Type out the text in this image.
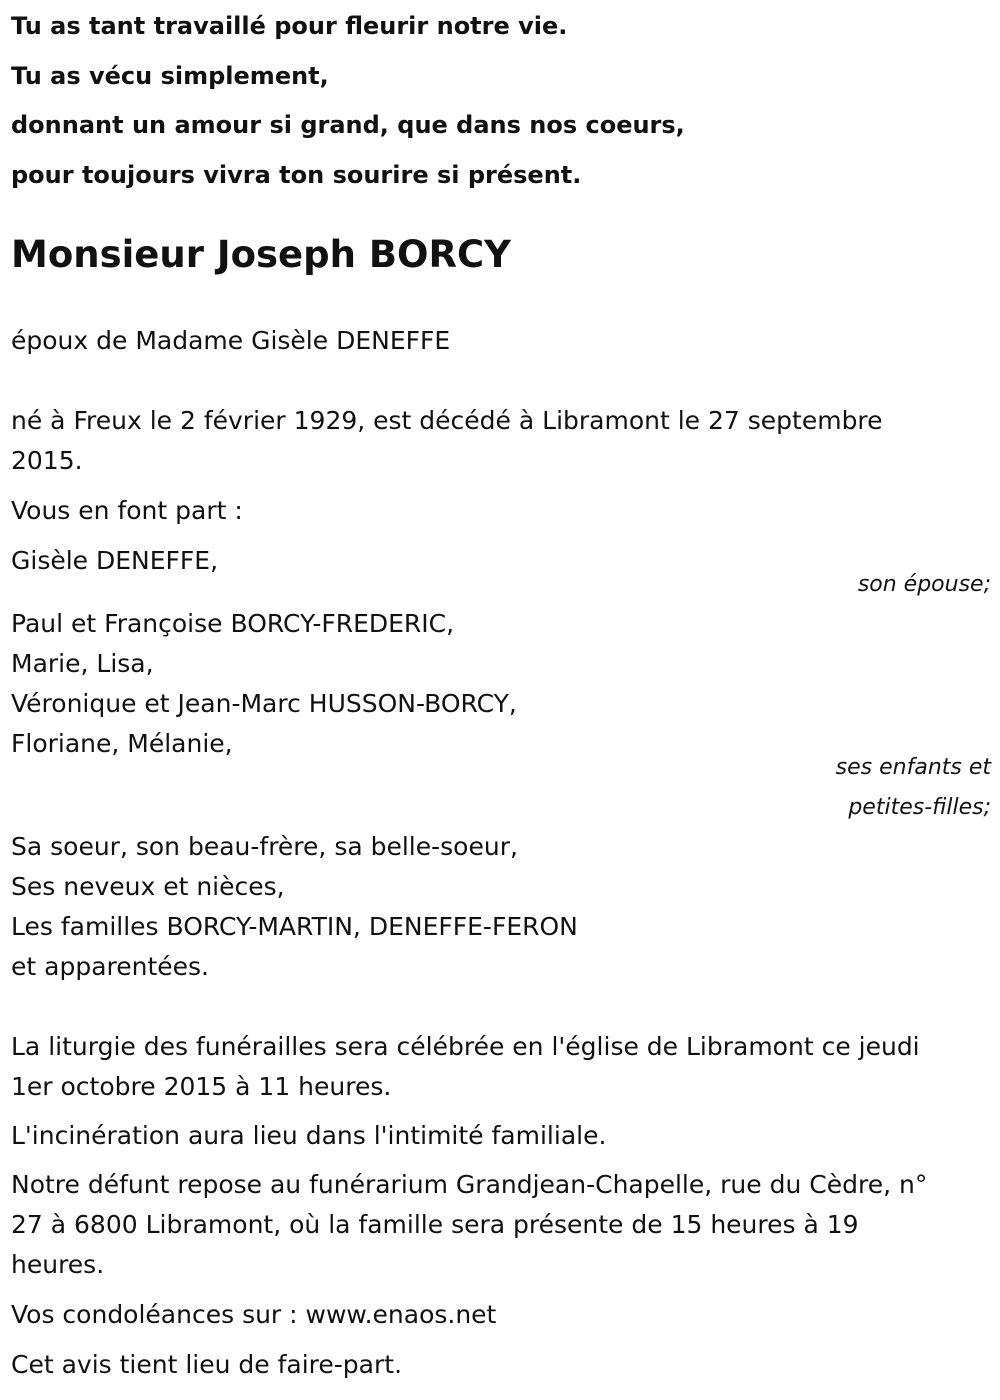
Tu as tant travaillé pour fleurir notre vie.
Tu as vécu simplement,
donnant un amour si grand, que dans nos coeurs,
pour toujours vivra ton sourire si présent.
Monsieur Joseph BORCY
époux de Madame Gisèle DENEFFE
né à Freux le 2 février 1929, est décédé à Libramont le 27 septembre
2015.
Vous en font part :
Gisèle DENEFFE,
son épouse;
Paul et Françoise BORCY-FREDERIC,
Marie, Lisa,
Véronique et Jean-Marc HUSSON-BORCY,
Floriane, Mélanie,
ses enfants et
petites-filles;
Sa soeur, son beau-frère, sa belle-soeur,
Ses neveux et nièces,
Les familles BORCY-MARTIN, DENEFFE-FERON
et apparentées.
La liturgie des funérailles sera célébrée en l'église de Libramont ce jeudi
1er octobre 2015 à 11 heures.
L'incinération aura lieu dans l'intimité familiale.
Notre défunt repose au funérarium Grandjean-Chapelle, rue du Cèdre, n°
27 à 6800 Libramont, où la famille sera présente de 15 heures à 19
heures.
Vos condoléances sur : www.enaos.net
Cet avis tient lieu de faire-part.
